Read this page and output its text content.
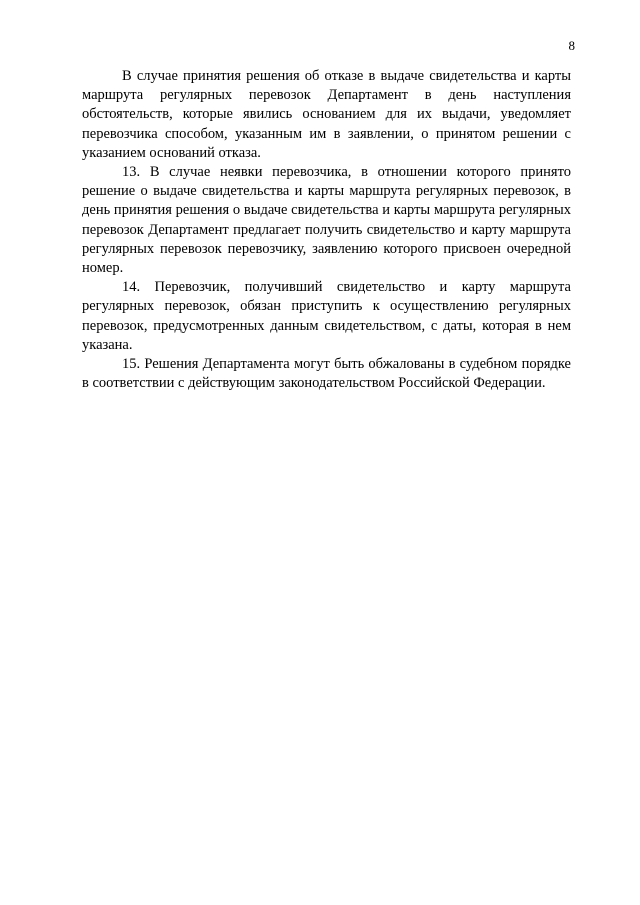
8

В случае принятия решения об отказе в выдаче свидетельства и карты маршрута регулярных перевозок Департамент в день наступления обстоятельств, которые явились основанием для их выдачи, уведомляет перевозчика способом, указанным им в заявлении, о принятом решении с указанием оснований отказа.

13. В случае неявки перевозчика, в отношении которого принято решение о выдаче свидетельства и карты маршрута регулярных перевозок, в день принятия решения о выдаче свидетельства и карты маршрута регулярных перевозок Департамент предлагает получить свидетельство и карту маршрута регулярных перевозок перевозчику, заявлению которого присвоен очередной номер.

14. Перевозчик, получивший свидетельство и карту маршрута регулярных перевозок, обязан приступить к осуществлению регулярных перевозок, предусмотренных данным свидетельством, с даты, которая в нем указана.

15. Решения Департамента могут быть обжалованы в судебном порядке в соответствии с действующим законодательством Российской Федерации.
